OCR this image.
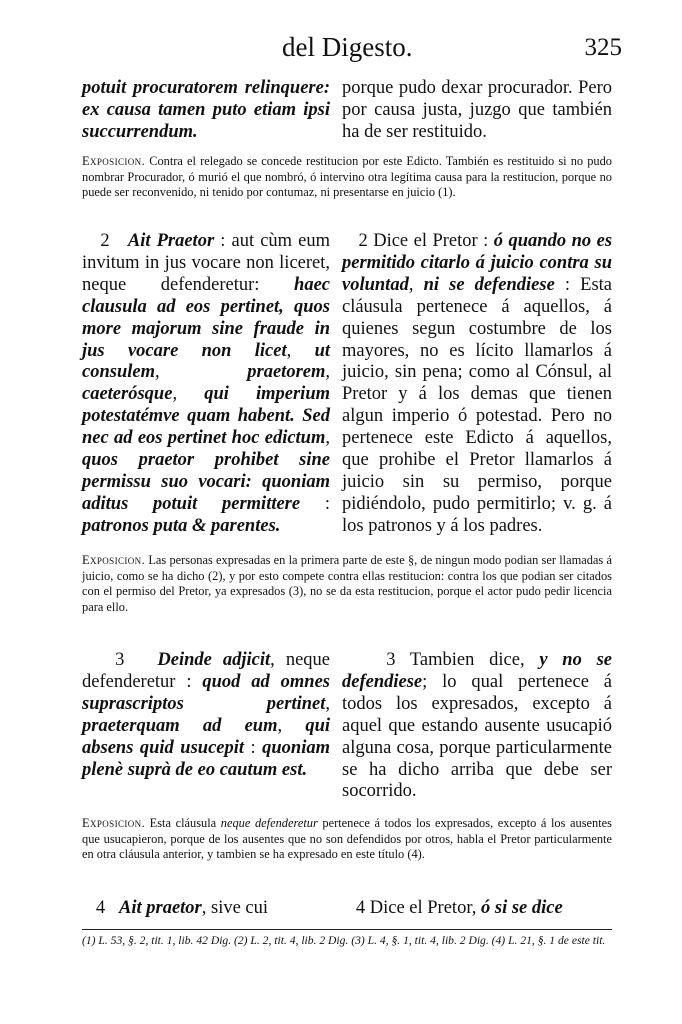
del Digesto.	325

potuit procuratorem relinquere: ex causa tamen puto etiam ipsi succurrendum.

porque pudo dexar procurador. Pero por causa justa, juzgo que también ha de ser restituido.

Exposicion. Contra el relegado se concede restitucion por este Edicto. También es restituido si no pudo nombrar Procurador, ó murió el que nombró, ó intervino otra legítima causa para la restitucion, porque no puede ser reconvenido, ni tenido por contumaz, ni presentarse en juicio (1).

2 Ait Praetor : aut cùm eum invitum in jus vocare non liceret, neque defenderetur: haec clausula ad eos pertinet, quos more majorum sine fraude in jus vocare non licet, ut consulem, praetorem, caeterósque, qui imperium potestatémve quam habent. Sed nec ad eos pertinet hoc edictum, quos praetor prohibet sine permissu suo vocari: quoniam aditus potuit permittere : patronos puta & parentes.

2 Dice el Pretor : ó quando no es permitido citarlo á juicio contra su voluntad, ni se defendiese : Esta cláusula pertenece á aquellos, á quienes segun costumbre de los mayores, no es lícito llamarlos á juicio, sin pena; como al Cónsul, al Pretor y á los demas que tienen algun imperio ó potestad. Pero no pertenece este Edicto á aquellos, que prohibe el Pretor llamarlos á juicio sin su permiso, porque pidiéndolo, pudo permitirlo; v. g. á los patronos y á los padres.

Exposicion. Las personas expresadas en la primera parte de este §, de ningun modo podian ser llamadas á juicio, como se ha dicho (2), y por esto compete contra ellas restitucion: contra los que podian ser citados con el permiso del Pretor, ya expresados (3), no se da esta restitucion, porque el actor pudo pedir licencia para ello.

3 Deinde adjicit, neque defenderetur : quod ad omnes suprascriptos pertinet, praeterquam ad eum, qui absens quid usucepit : quoniam plenè suprà de eo cautum est.

3 Tambien dice, y no se defendiese; lo qual pertenece á todos los expresados, excepto á aquel que estando ausente usucapió alguna cosa, porque particularmente se ha dicho arriba que debe ser socorrido.

Exposicion. Esta cláusula neque defenderetur pertenece á todos los expresados, excepto á los ausentes que usucapieron, porque de los ausentes que no son defendidos por otros, habla el Pretor particularmente en otra cláusula anterior, y tambien se ha expresado en este título (4).

4 Ait praetor, sive cui	4 Dice el Pretor, ó si se dice

(1) L. 53, §. 2, tit. 1, lib. 42 Dig. (2) L. 2, tit. 4, lib. 2 Dig. (3) L. 4, §. 1, tit. 4, lib. 2 Dig. (4) L. 21, §. 1 de este tit.
